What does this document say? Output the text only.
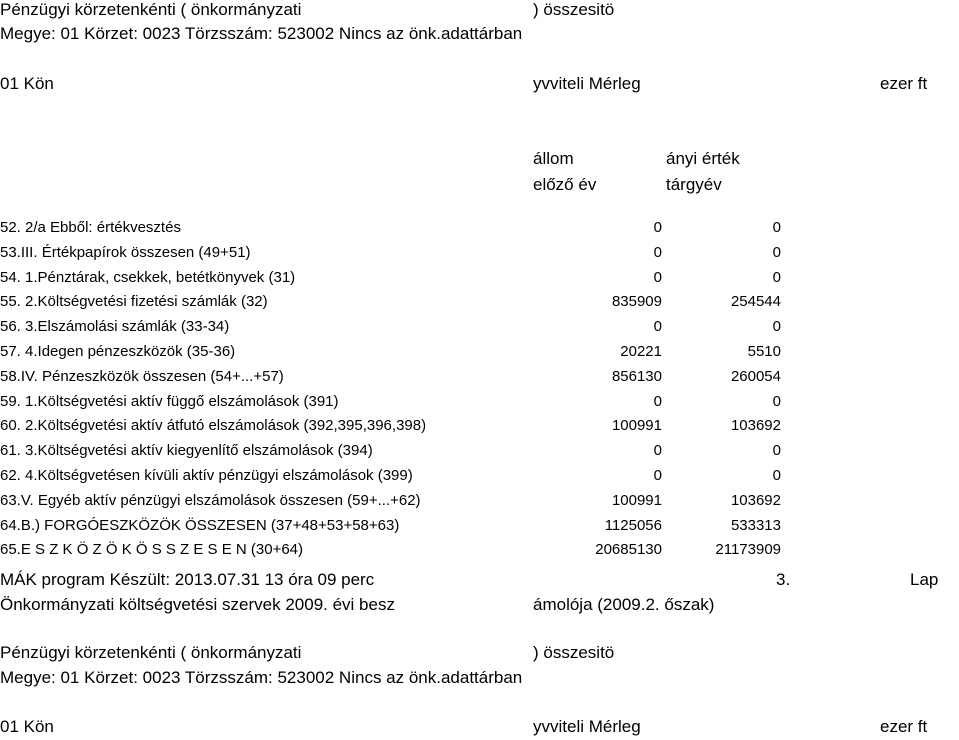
Pénzügyi körzetenkénti ( önkormányzati	) összesitö
Megye: 01 Körzet: 0023 Törzsszám: 523002 Nincs az önk.adattárban
01 Kön	yvviteli Mérleg	ezer ft
állom	ányi érték
előző év	tárgyév
52. 2/a Ebből: értékvesztés	0	0
53.III. Értékpapírok összesen (49+51)	0	0
54. 1.Pénztárak, csekkek, betétkönyvek (31)	0	0
55. 2.Költségvetési fizetési számlák (32)	835909	254544
56. 3.Elszámolási számlák (33-34)	0	0
57. 4.Idegen pénzeszközök (35-36)	20221	5510
58.IV. Pénzeszközök összesen (54+...+57)	856130	260054
59. 1.Költségvetési aktív függő elszámolások (391)	0	0
60. 2.Költségvetési aktív átfutó elszámolások (392,395,396,398)	100991	103692
61. 3.Költségvetési aktív kiegyenlítő elszámolások (394)	0	0
62. 4.Költségvetésen kívüli aktív pénzügyi elszámolások (399)	0	0
63.V. Egyéb aktív pénzügyi elszámolások összesen (59+...+62)	100991	103692
64.B.) FORGÓESZKÖZÖK ÖSSZESEN (37+48+53+58+63)	1125056	533313
65.E S Z K Ö Z Ö K Ö S S Z E S E N (30+64)	20685130	21173909
MÁK program Készült: 2013.07.31 13 óra 09 perc	3.	Lap
Önkormányzati költségvetési szervek 2009. évi besz	ámolója (2009.2. őszak)
Pénzügyi körzetenkénti ( önkormányzati	) összesitö
Megye: 01 Körzet: 0023 Törzsszám: 523002 Nincs az önk.adattárban
01 Kön	yvviteli Mérleg	ezer ft
